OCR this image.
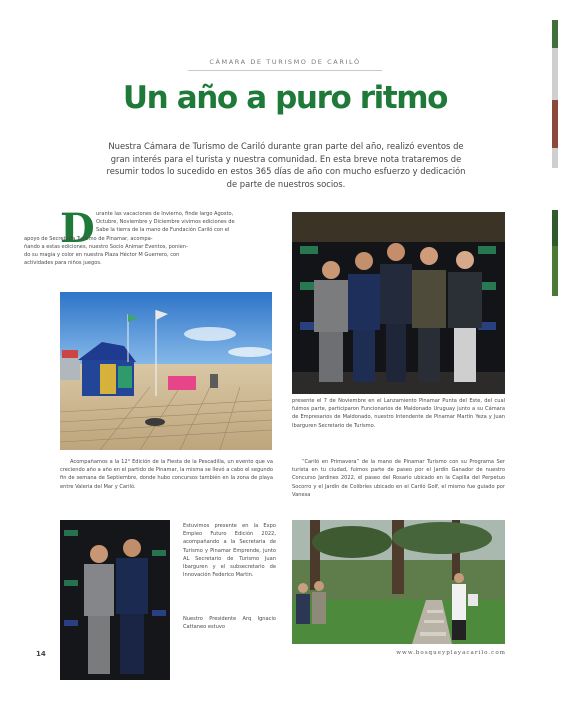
CÁMARA DE TURISMO DE CARILÓ
Un año a puro ritmo
Nuestra Cámara de Turismo de Cariló durante gran parte del año, realizó eventos de gran interés para el turista y nuestra comunidad. En esta breve nota trataremos de resumir todos lo sucedido en estos 365 días de año con mucho esfuerzo y dedicación de parte de nuestros socios.
D urante las vacaciones de Invierno, finde largo Agosto,
Octubre, Noviembre y Diciembre vivimos ediciones de
Sabe la tierra de la mano de Fundación Cariló con el
apoyo de Secretaría Turismo de Pinamar, acompa-
ñando a estas ediciones, nuestro Socio Animar Eventos, ponien-
do su magia y color en nuestra Plaza Héctor M Guerrero, con
actividades para niños juegos.
presente el 7 de Noviembre en el Lanzamiento Pinamar Punta del Este, del cual fuimos parte, participaron Funcionarios de Maldonado Uruguay junto a su Cámara de Empresarios de Maldonado, nuestro Intendente de Pinamar Martín Yeza y Juan Ibarguren Secretario de Turismo.
Acompañamos a la 12° Edición de la Fiesta de la Pescadilla, un evento que va creciendo año a año en el partido de Pinamar, la misma se llevó a cabo el segundo fin de semana de Septiembre, donde hubo concursos también en la zona de playa entre Valeria del Mar y Cariló.
“Cariló en Primavera” de la mano de Pinamar Turismo con su Programa Ser turista en tu ciudad, fuimos parte de paseo por el Jardín Ganador de nuestro Concurso Jardines 2022, el paseo del Rosario ubicado en la Capilla del Perpetuo Socorro y el Jardín de Colibríes ubicado en el Cariló Golf, el mismo fue guiado por Vanesa
Estuvimos presente en la Expo Empleo Futuro Edición 2022, acompañando a la Secretaria de Turismo y Pinamar Emprende, junto AL Secretario de Turismo Juan Ibarguren y el subsecretario de Innovación Federico Martin.
Nuestro Presidente Arq Ignacio Cattaneo estuvo
14	www.bosqueyplayacarilo.com
